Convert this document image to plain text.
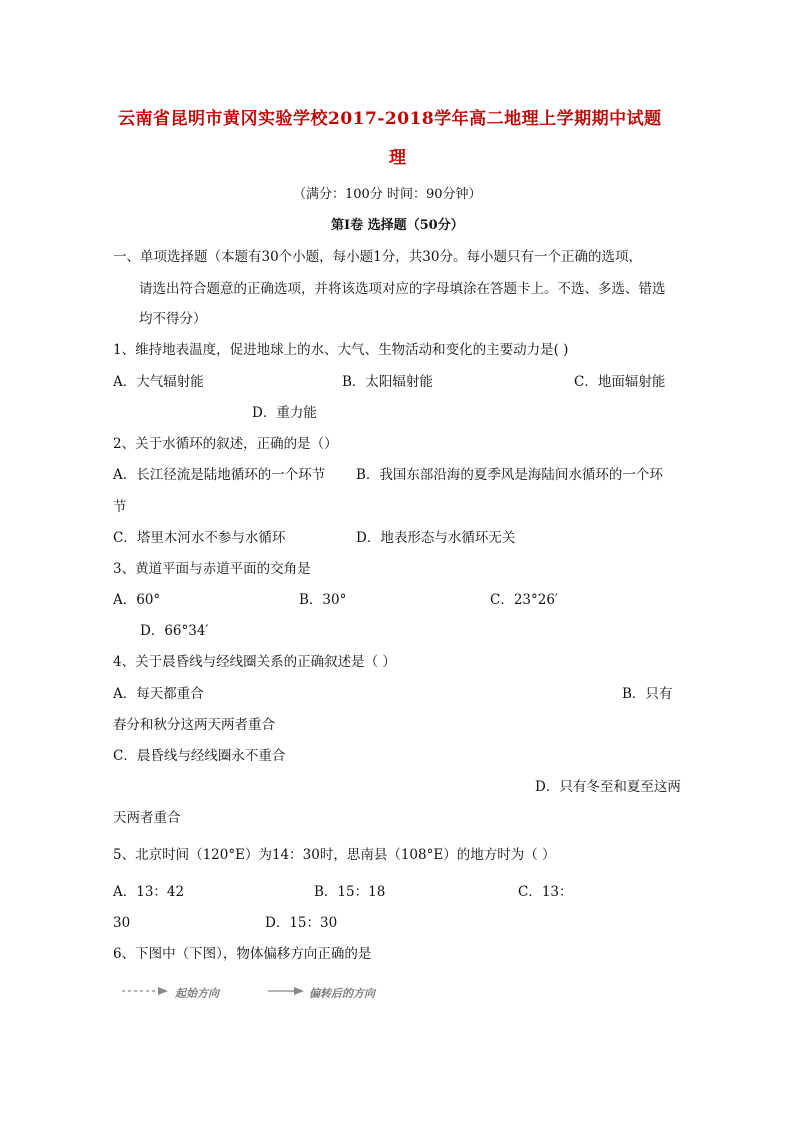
云南省昆明市黄冈实验学校2017-2018学年高二地理上学期期中试题
理
（满分：100分 时间：90分钟）
第Ⅰ卷 选择题（50分）
一、单项选择题（本题有30个小题，每小题1分，共30分。每小题只有一个正确的选项，
请选出符合题意的正确选项，并将该选项对应的字母填涂在答题卡上。不选、多选、错选
均不得分）
1、维持地表温度，促进地球上的水、大气、生物活动和变化的主要动力是( )
A．大气辐射能	B．太阳辐射能	C．地面辐射能
D．重力能
2、关于水循环的叙述，正确的是（）
A．长江径流是陆地循环的一个环节 B．我国东部沿海的夏季风是海陆间水循环的一个环
节
C．塔里木河水不参与水循环	D．地表形态与水循环无关
3、黄道平面与赤道平面的交角是
A．60°	B．30°	C．23°26′
D．66°34′
4、关于晨昏线与经线圈关系的正确叙述是（ ）
A．每天都重合	B．只有
春分和秋分这两天两者重合
C．晨昏线与经线圈永不重合
D．只有冬至和夏至这两
天两者重合
5、北京时间（120°E）为14：30时，思南县（108°E）的地方时为（ ）
A．13：42	B．15：18	C．13：
30	D．15：30
6、下图中（下图），物体偏移方向正确的是
起始方向	偏转后的方向
